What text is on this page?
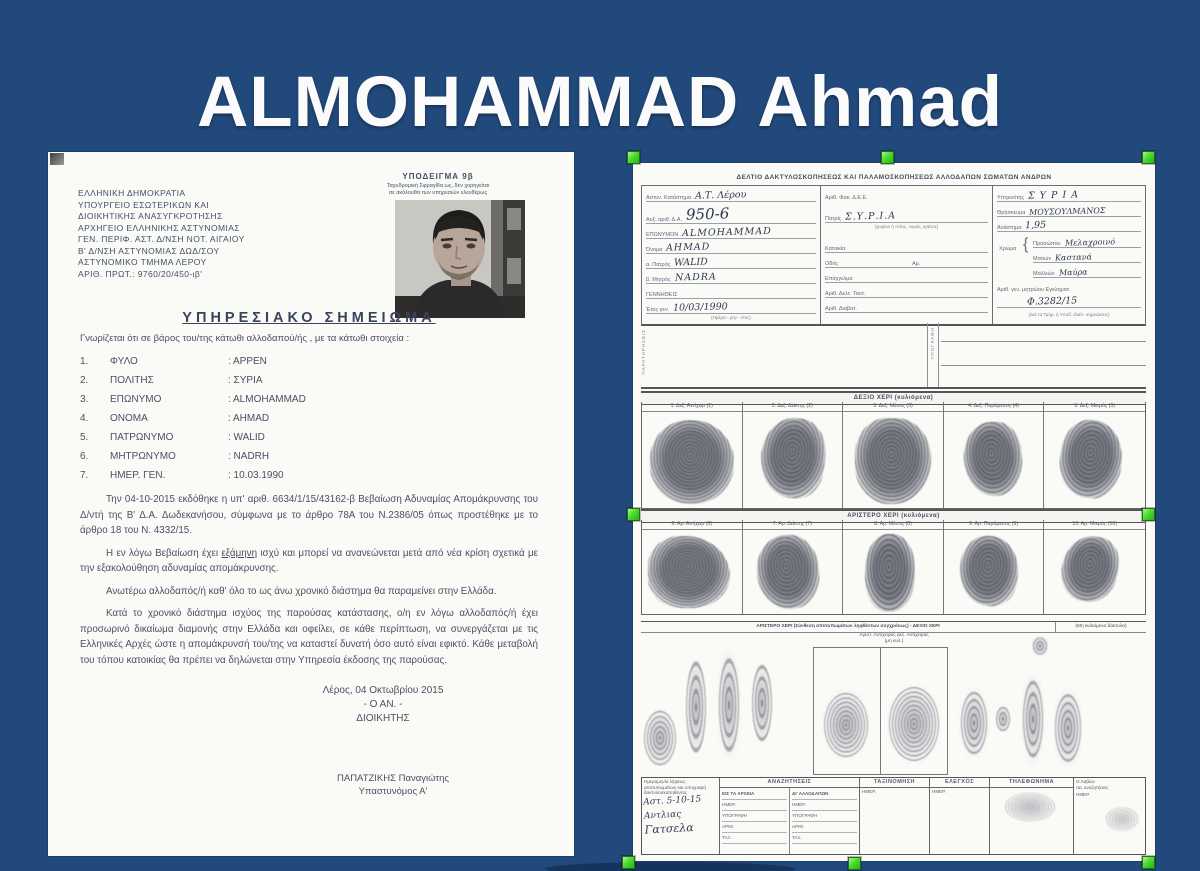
ALMOHAMMAD Ahmad
ΕΛΛΗΝΙΚΗ ΔΗΜΟΚΡΑΤΙΑ
ΥΠΟΥΡΓΕΙΟ ΕΣΩΤΕΡΙΚΩΝ ΚΑΙ
ΔΙΟΙΚΗΤΙΚΗΣ ΑΝΑΣΥΓΚΡΟΤΗΣΗΣ
ΑΡΧΗΓΕΙΟ ΕΛΛΗΝΙΚΗΣ ΑΣΤΥΝΟΜΙΑΣ
ΓΕΝ. ΠΕΡΙΦ. ΑΣΤ. Δ/ΝΣΗ ΝΟΤ. ΑΙΓΑΙΟΥ
Β' Δ/ΝΣΗ ΑΣΤΥΝΟΜΙΑΣ ΔΩΔ/ΣΟΥ
ΑΣΤΥΝΟΜΙΚΟ ΤΜΗΜΑ ΛΕΡΟΥ
ΑΡΙΘ. ΠΡΩΤ.: 9760/20/450-ιβ'
ΥΠΟΔΕΙΓΜΑ 9β
Ταχυδρομική Σφραγίδα ως, δεν χορηγείται
σε ακόλουθα των υπηρεσιών ελευθέρως
ΥΠΗΡΕΣΙΑΚΟ ΣΗΜΕΙΩΜΑ
Γνωρίζεται ότι σε βάρος του/της κάτωθι αλλοδαπού/ής , με τα κάτωθι στοιχεία :
1.	ΦΥΛΟ	: ΑΡΡΕΝ
2.	ΠΟΛΙΤΗΣ	: ΣΥΡΙΑ
3.	ΕΠΩΝΥΜΟ	: ALMOHAMMAD
4.	ΟΝΟΜΑ	: AHMAD
5.	ΠΑΤΡΩΝΥΜΟ	: WALID
6.	ΜΗΤΡΩΝΥΜΟ	: NADRH
7.	ΗΜΕΡ. ΓΕΝ.	: 10.03.1990

Την 04-10-2015 εκδόθηκε η υπ' αριθ. 6634/1/15/43162-β Βεβαίωση Αδυναμίας Απομάκρυνσης του Δ/ντή της Β' Δ.Α. Δωδεκανήσου, σύμφωνα με το άρθρο 78Α του Ν.2386/05 όπως προστέθηκε με το άρθρο 18 του Ν. 4332/15.

Η εν λόγω Βεβαίωση έχει εξάμηνη ισχύ και μπορεί να ανανεώνεται μετά από νέα κρίση σχετικά με την εξακολούθηση αδυναμίας απομάκρυνσης.

Ανωτέρω αλλοδαπός/ή καθ' όλο το ως άνω χρονικό διάστημα θα παραμείνει στην Ελλάδα.

Κατά το χρονικό διάστημα ισχύος της παρούσας κατάστασης, ο/η εν λόγω αλλοδαπός/ή έχει προσωρινό δικαίωμα διαμονής στην Ελλάδα και οφείλει, σε κάθε περίπτωση, να συνεργάζεται με τις Ελληνικές Αρχές ώστε η απομάκρυνσή του/της να καταστεί δυνατή όσο αυτό είναι εφικτό. Κάθε μεταβολή του τόπου κατοικίας θα πρέπει να δηλώνεται στην Υπηρεσία έκδοσης της παρούσας.

Λέρος, 04 Οκτωβρίου 2015
- Ο ΑΝ. -
ΔΙΟΙΚΗΤΗΣ
ΠΑΠΑΤΖΙΚΗΣ Παναγιώτης
Υπαστυνόμος Α'
ΔΕΛΤΙΟ ΔΑΚΤΥΛΟΣΚΟΠΗΣΕΩΣ ΚΑΙ ΠΑΛΑΜΟΣΚΟΠΗΣΕΩΣ ΑΛΛΟΔΑΠΩΝ ΣΩΜΑΤΩΝ ΑΝΔΡΩΝ
Αστυν. Κατάστημα Α.Τ. Λέρου
Αυξ. αριθ. Δ.Α. 950-6
ΕΠΩΝΥΜΟΝ ALMOHAMMAD
Όνομα AHMAD
α. Πατρός WALID
β. Μητρός NADRA
ΓΕΝΝΗΘΕΙΣ
Έτος γεν. 10/03/1990
(Ημέρα - μην - έτος)
Αριθ. Φακ. Δ.Ε.Ε.
Πατρίς Σ.Υ.Ρ.Ι.Α
(χωρίον ή πόλις, νομός, κράτος)
Κατοικία
Οδός	Αρ.
Επάγγελμα
Αριθ. Δελτ. Ταυτ.
Αριθ. Διαβατ.
Υπηκοότης Σ Υ Ρ Ι Α
Θρήσκευμα ΜΟΥΣΟΥΛΜΑΝΟΣ
Ανάστημα 1,95
Χρώμα { Προσώπου Μελαχροινό
Ματιών Καστανά
Μαλλιών Μαύρα
Αριθ. γεν. μητρώου Εγκληματ.
Φ.3282/15
(Διά τα Τμήμ. ή Υποδ. ιδιαίτ. σημειώσεις)
ΠΑΡΑΤΗΡΗΣΕΙΣ	ΥΠΟΓΡΑΦΗ
ΔΕΞΙΟ ΧΕΡΙ (κυλιόμενα)
1. Δεξ. Αντίχειρ (1)	2. Δεξ. Δείκτης (2)	3. Δεξ. Μέσος (3)	4. Δεξ. Παράμεσος (4)	5. Δεξ. Μικρός (5)
ΑΡΙΣΤΕΡΟ ΧΕΡΙ (κυλιόμενα)
6. Αρ. Αντίχειρ (6)	7. Αρ. Δείκτης (7)	8. Αρ. Μέσος (8)	9. Αρ. Παράμεσος (9)	10. Αρ. Μικρός (10)
ΑΡΙΣΤΕΡΟ ΧΕΡΙ (Σύνθεση αποτυπωμάτων ληφθέντων συγχρόνως) - ΔΕΞΙΟ ΧΕΡΙ	(Μη κυλιόμενα δάκτυλα)
Αριστ. Αντίχειρας Δεξ. Αντίχειρας
(μη κυλ.)
Ημερομηνία λήψεως
αποτυπωμάτων και υπογραφή
δακτυλοσκοπηθέντος
Αστ. 5-10-15
Αντλιας
Γατσελα
ΑΝΑΖΗΤΗΣΕΙΣ
ΕΙΣ ΤΑ ΑΡΧΕΙΑ
ΗΜΕΡ.
ΥΠΟΓΡΑΦΗ
ΑΡΙΘ.
ΤΑΞ.
ΔΙ' ΑΛΛΟΔΑΠΩΝ
ΗΜΕΡ.
ΥΠΟΓΡΑΦΗ
ΑΡΙΘ.
ΤΑΞ.
ΤΑΞΙΝΟΜΗΣΗ
ΗΜΕΡ.
ΕΛΕΓΧΟΣ
ΗΜΕΡ.
ΤΗΛΕΦΩΝΗΜΑ	Ο Λαβών
τας αναζητήσεις
ΗΜΕΡ.
